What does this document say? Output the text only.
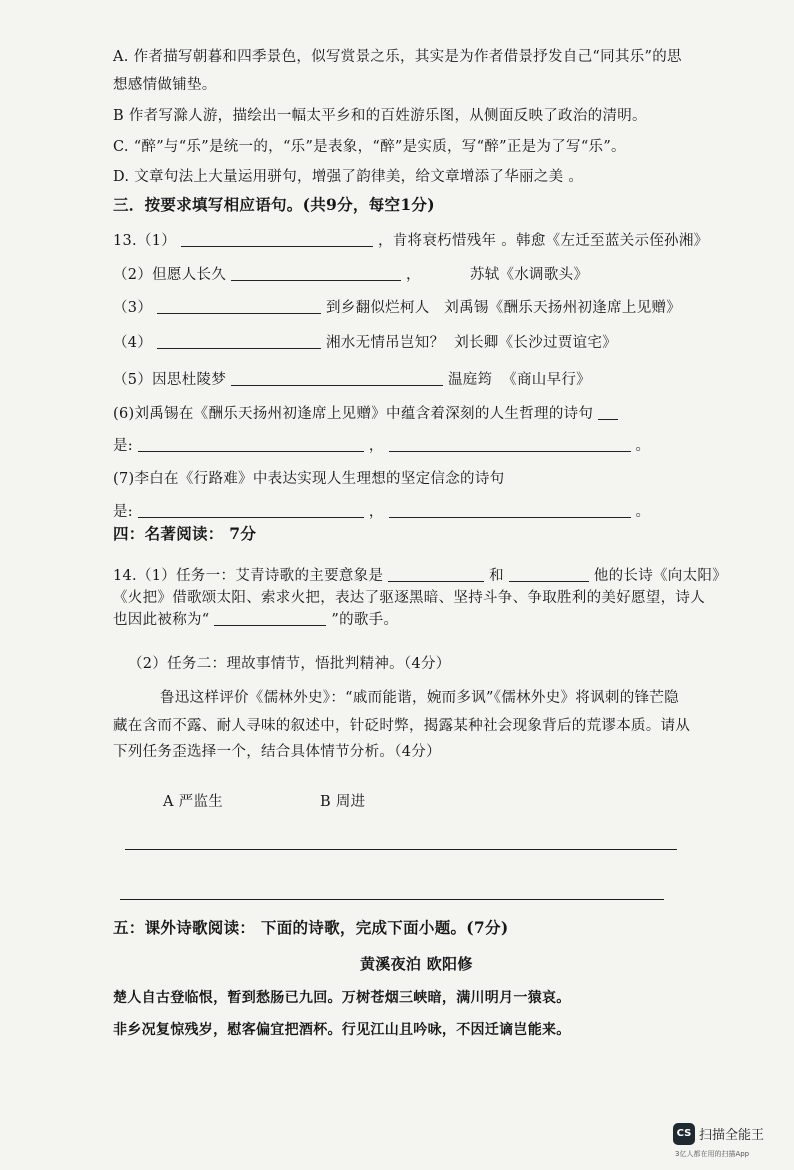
A. 作者描写朝暮和四季景色，似写赏景之乐，其实是为作者借景抒发自己“同其乐”的思
想感情做铺垫。
B 作者写滁人游，描绘出一幅太平乡和的百姓游乐图，从侧面反映了政治的清明。
C. “醉”与“乐”是统一的，“乐”是表象，“醉”是实质，写“醉”正是为了写“乐”。
D. 文章句法上大量运用骈句，增强了韵律美，给文章增添了华丽之美 。
三．按要求填写相应语句。(共9分，每空1分)
13.（1）	，肯将衰朽惜残年 。韩愈《左迁至蓝关示侄孙湘》
（2）但愿人长久	，          苏轼《水调歌头》
（3）	到乡翻似烂柯人   刘禹锡《酬乐天扬州初逢席上见赠》
（4）	湘水无情吊岂知？  刘长卿《长沙过贾谊宅》
（5）因思杜陵梦	温庭筠  《商山早行》
(6)刘禹锡在《酬乐天扬州初逢席上见赠》中蕴含着深刻的人生哲理的诗句
是:	，	。
(7)李白在《行路难》中表达实现人生理想的坚定信念的诗句
是:	，	。
四：名著阅读： 7分
14.（1）任务一：艾青诗歌的主要意象是	和	他的长诗《向太阳》
《火把》借歌颂太阳、索求火把，表达了驱逐黑暗、坚持斗争、争取胜利的美好愿望，诗人
也因此被称为“	”的歌手。
（2）任务二：理故事情节，悟批判精神。（4分）
鲁迅这样评价《儒林外史》：“戚而能谐，婉而多讽”《儒林外史》将讽刺的锋芒隐
藏在含而不露、耐人寻味的叙述中，针砭时弊，揭露某种社会现象背后的荒谬本质。请从
下列任务歪选择一个，结合具体情节分析。（4分）
A 严监生	B 周进
五：课外诗歌阅读： 下面的诗歌，完成下面小题。(7分)
黄溪夜泊 欧阳修
楚人自古登临恨，暂到愁肠已九回。万树苍烟三峡暗，满川明月一猿哀。
非乡况复惊残岁，慰客偏宜把酒杯。行见江山且吟咏，不因迁谪岂能来。
CS 扫描全能王
3亿人都在用的扫描App
